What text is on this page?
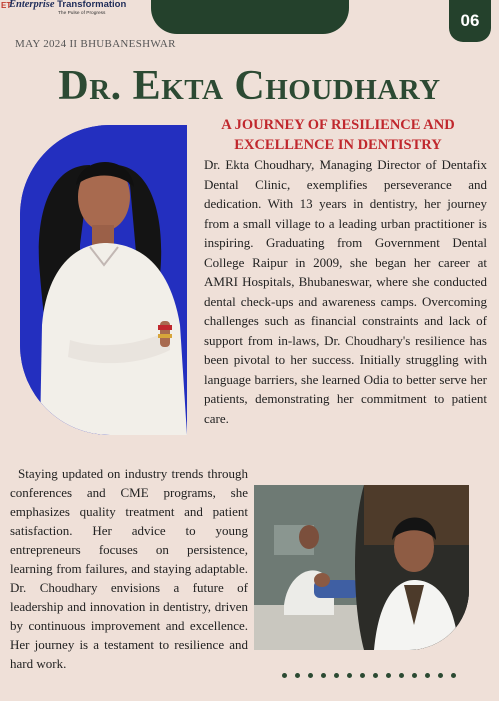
ET
Enterprise Transformation
The Pulse of Progress	06
MAY 2024 II BHUBANESHWAR
Dr. Ekta Choudhary
A JOURNEY OF RESILIENCE AND EXCELLENCE IN DENTISTRY

Dr. Ekta Choudhary, Managing Director of Dentafix Dental Clinic, exemplifies perseverance and dedication. With 13 years in dentistry, her journey from a small village to a leading urban practitioner is inspiring. Graduating from Government Dental College Raipur in 2009, she began her career at AMRI Hospitals, Bhubaneswar, where she conducted dental check-ups and awareness camps. Overcoming challenges such as financial constraints and lack of support from in-laws, Dr. Choudhary's resilience has been pivotal to her success. Initially struggling with language barriers, she learned Odia to better serve her patients, demonstrating her commitment to patient care.

Staying updated on industry trends through conferences and CME programs, she emphasizes quality treatment and patient satisfaction. Her advice to young entrepreneurs focuses on persistence, learning from failures, and staying adaptable. Dr. Choudhary envisions a future of leadership and innovation in dentistry, driven by continuous improvement and excellence. Her journey is a testament to resilience and hard work.
